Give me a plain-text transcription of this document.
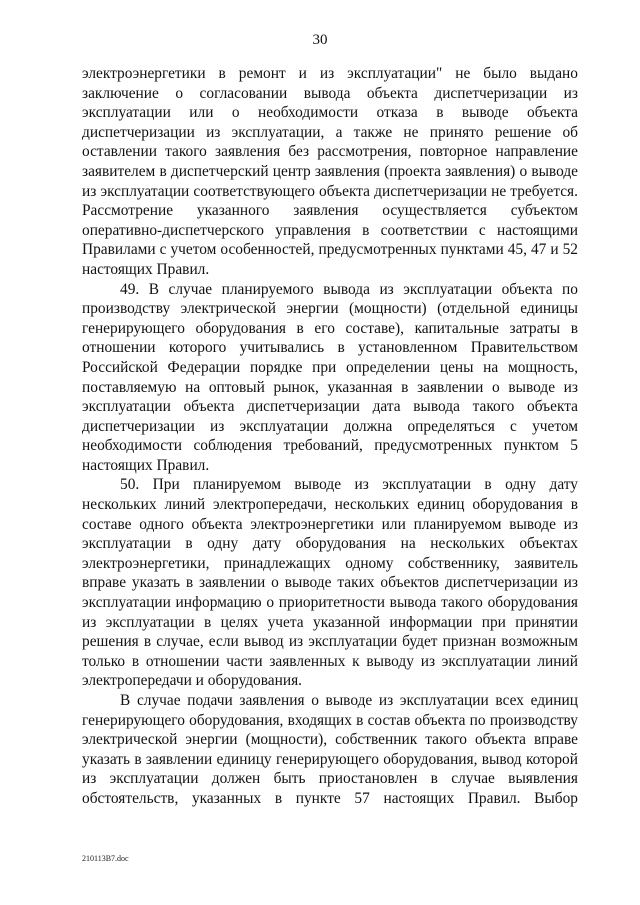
30
электроэнергетики в ремонт и из эксплуатации" не было выдано
заключение о согласовании вывода объекта диспетчеризации из
эксплуатации или о необходимости отказа в выводе объекта
диспетчеризации из эксплуатации, а также не принято решение об
оставлении такого заявления без рассмотрения, повторное направление
заявителем в диспетчерский центр заявления (проекта заявления) о выводе
из эксплуатации соответствующего объекта диспетчеризации не требуется.
Рассмотрение указанного заявления осуществляется субъектом
оперативно-диспетчерского управления в соответствии с настоящими
Правилами с учетом особенностей, предусмотренных пунктами 45, 47 и 52
настоящих Правил.
49. В случае планируемого вывода из эксплуатации объекта по
производству электрической энергии (мощности) (отдельной единицы
генерирующего оборудования в его составе), капитальные затраты в
отношении которого учитывались в установленном Правительством
Российской Федерации порядке при определении цены на мощность,
поставляемую на оптовый рынок, указанная в заявлении о выводе из
эксплуатации объекта диспетчеризации дата вывода такого объекта
диспетчеризации из эксплуатации должна определяться с учетом
необходимости соблюдения требований, предусмотренных пунктом 5
настоящих Правил.
50. При планируемом выводе из эксплуатации в одну дату
нескольких линий электропередачи, нескольких единиц оборудования в
составе одного объекта электроэнергетики или планируемом выводе из
эксплуатации в одну дату оборудования на нескольких объектах
электроэнергетики, принадлежащих одному собственнику, заявитель
вправе указать в заявлении о выводе таких объектов диспетчеризации из
эксплуатации информацию о приоритетности вывода такого оборудования
из эксплуатации в целях учета указанной информации при принятии
решения в случае, если вывод из эксплуатации будет признан возможным
только в отношении части заявленных к выводу из эксплуатации линий
электропередачи и оборудования.
В случае подачи заявления о выводе из эксплуатации всех единиц
генерирующего оборудования, входящих в состав объекта по производству
электрической энергии (мощности), собственник такого объекта вправе
указать в заявлении единицу генерирующего оборудования, вывод которой
из эксплуатации должен быть приостановлен в случае выявления
обстоятельств, указанных в пункте 57 настоящих Правил. Выбор
210113В7.doc
